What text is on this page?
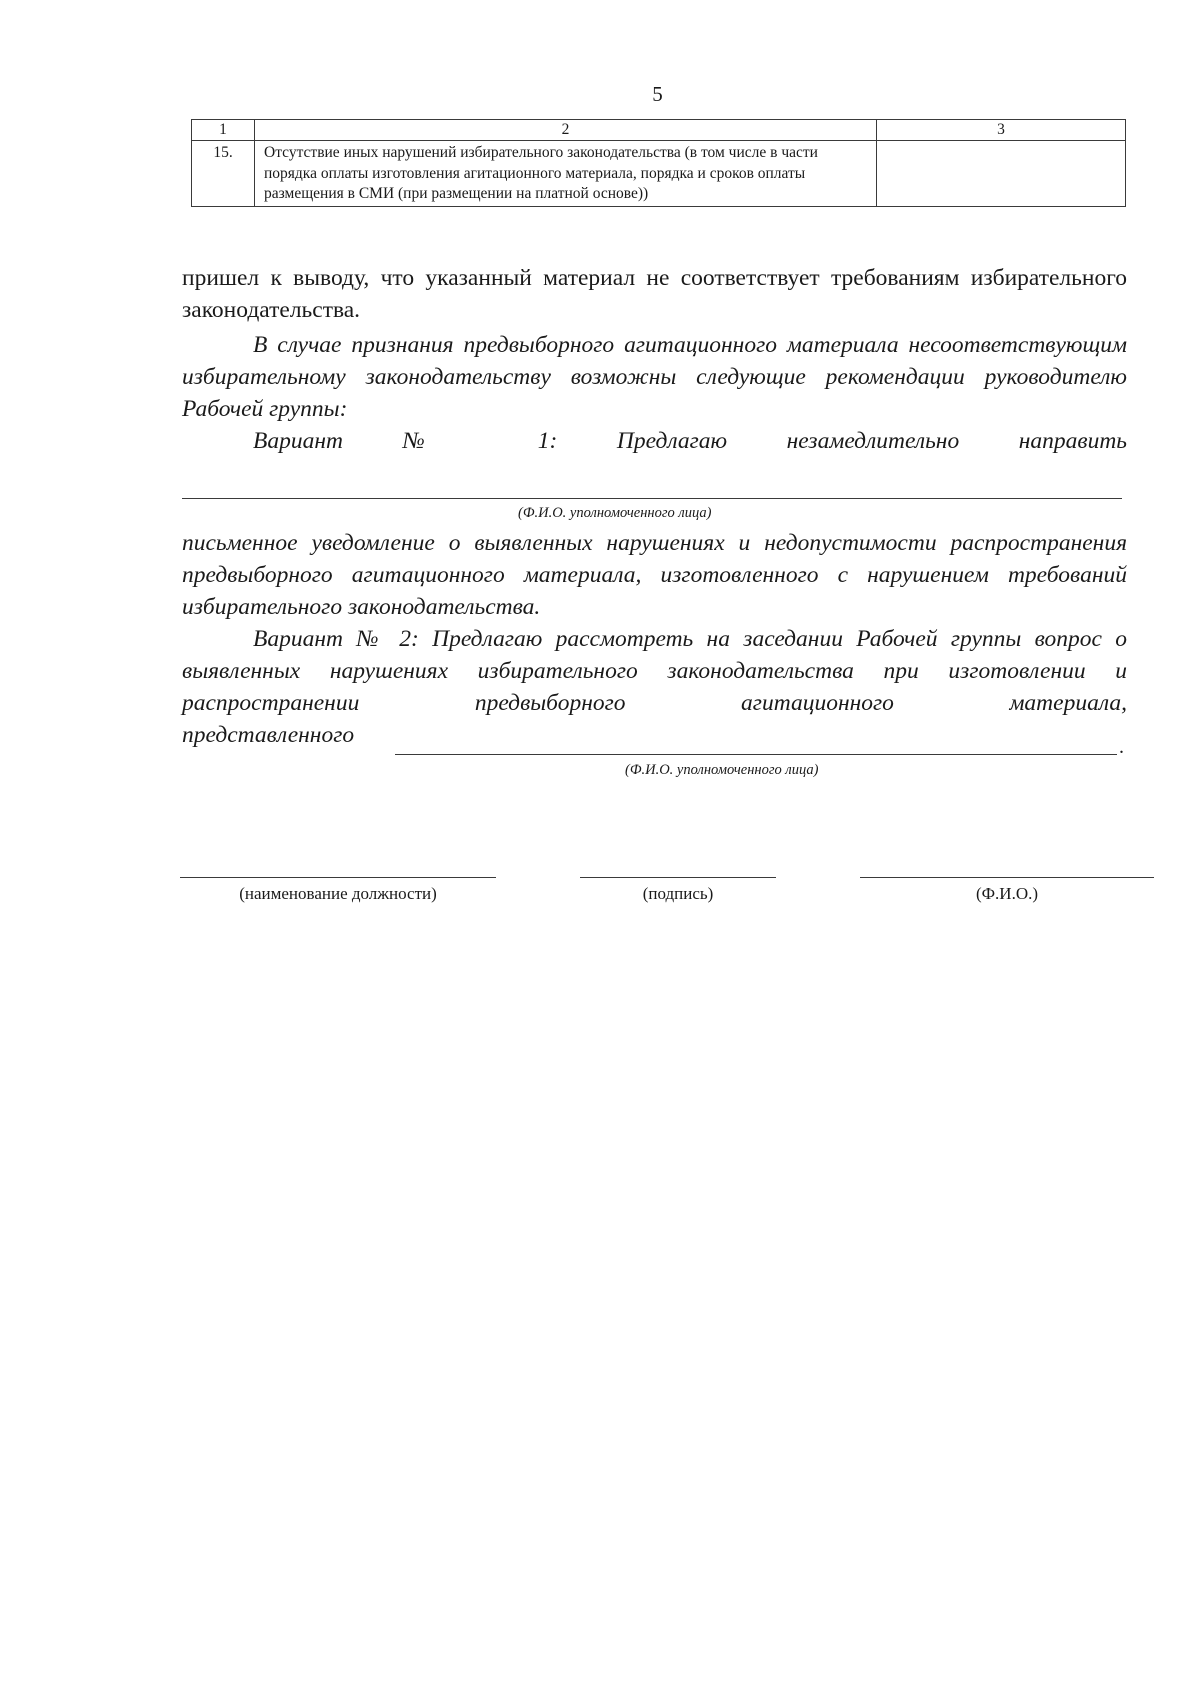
5
1	2	3
15.	Отсутствие иных нарушений избирательного законодательства (в том числе в части порядка оплаты изготовления агитационного материала, порядка и сроков оплаты размещения в СМИ (при размещении на платной основе))	

пришел к выводу, что указанный материал не соответствует требованиям избирательного законодательства.

В случае признания предвыборного агитационного материала несоответствующим избирательному законодательству возможны следующие рекомендации руководителю Рабочей группы:

Вариант № 1: Предлагаю незамедлительно направить

(Ф.И.О. уполномоченного лица)

письменное уведомление о выявленных нарушениях и недопустимости распространения предвыборного агитационного материала, изготовленного с нарушением требований избирательного законодательства.

Вариант № 2: Предлагаю рассмотреть на заседании Рабочей группы вопрос о выявленных нарушениях избирательного законодательства при изготовлении и распространении предвыборного агитационного материала,

представленного	.
(Ф.И.О. уполномоченного лица)
(наименование должности)	(подпись)	(Ф.И.О.)
